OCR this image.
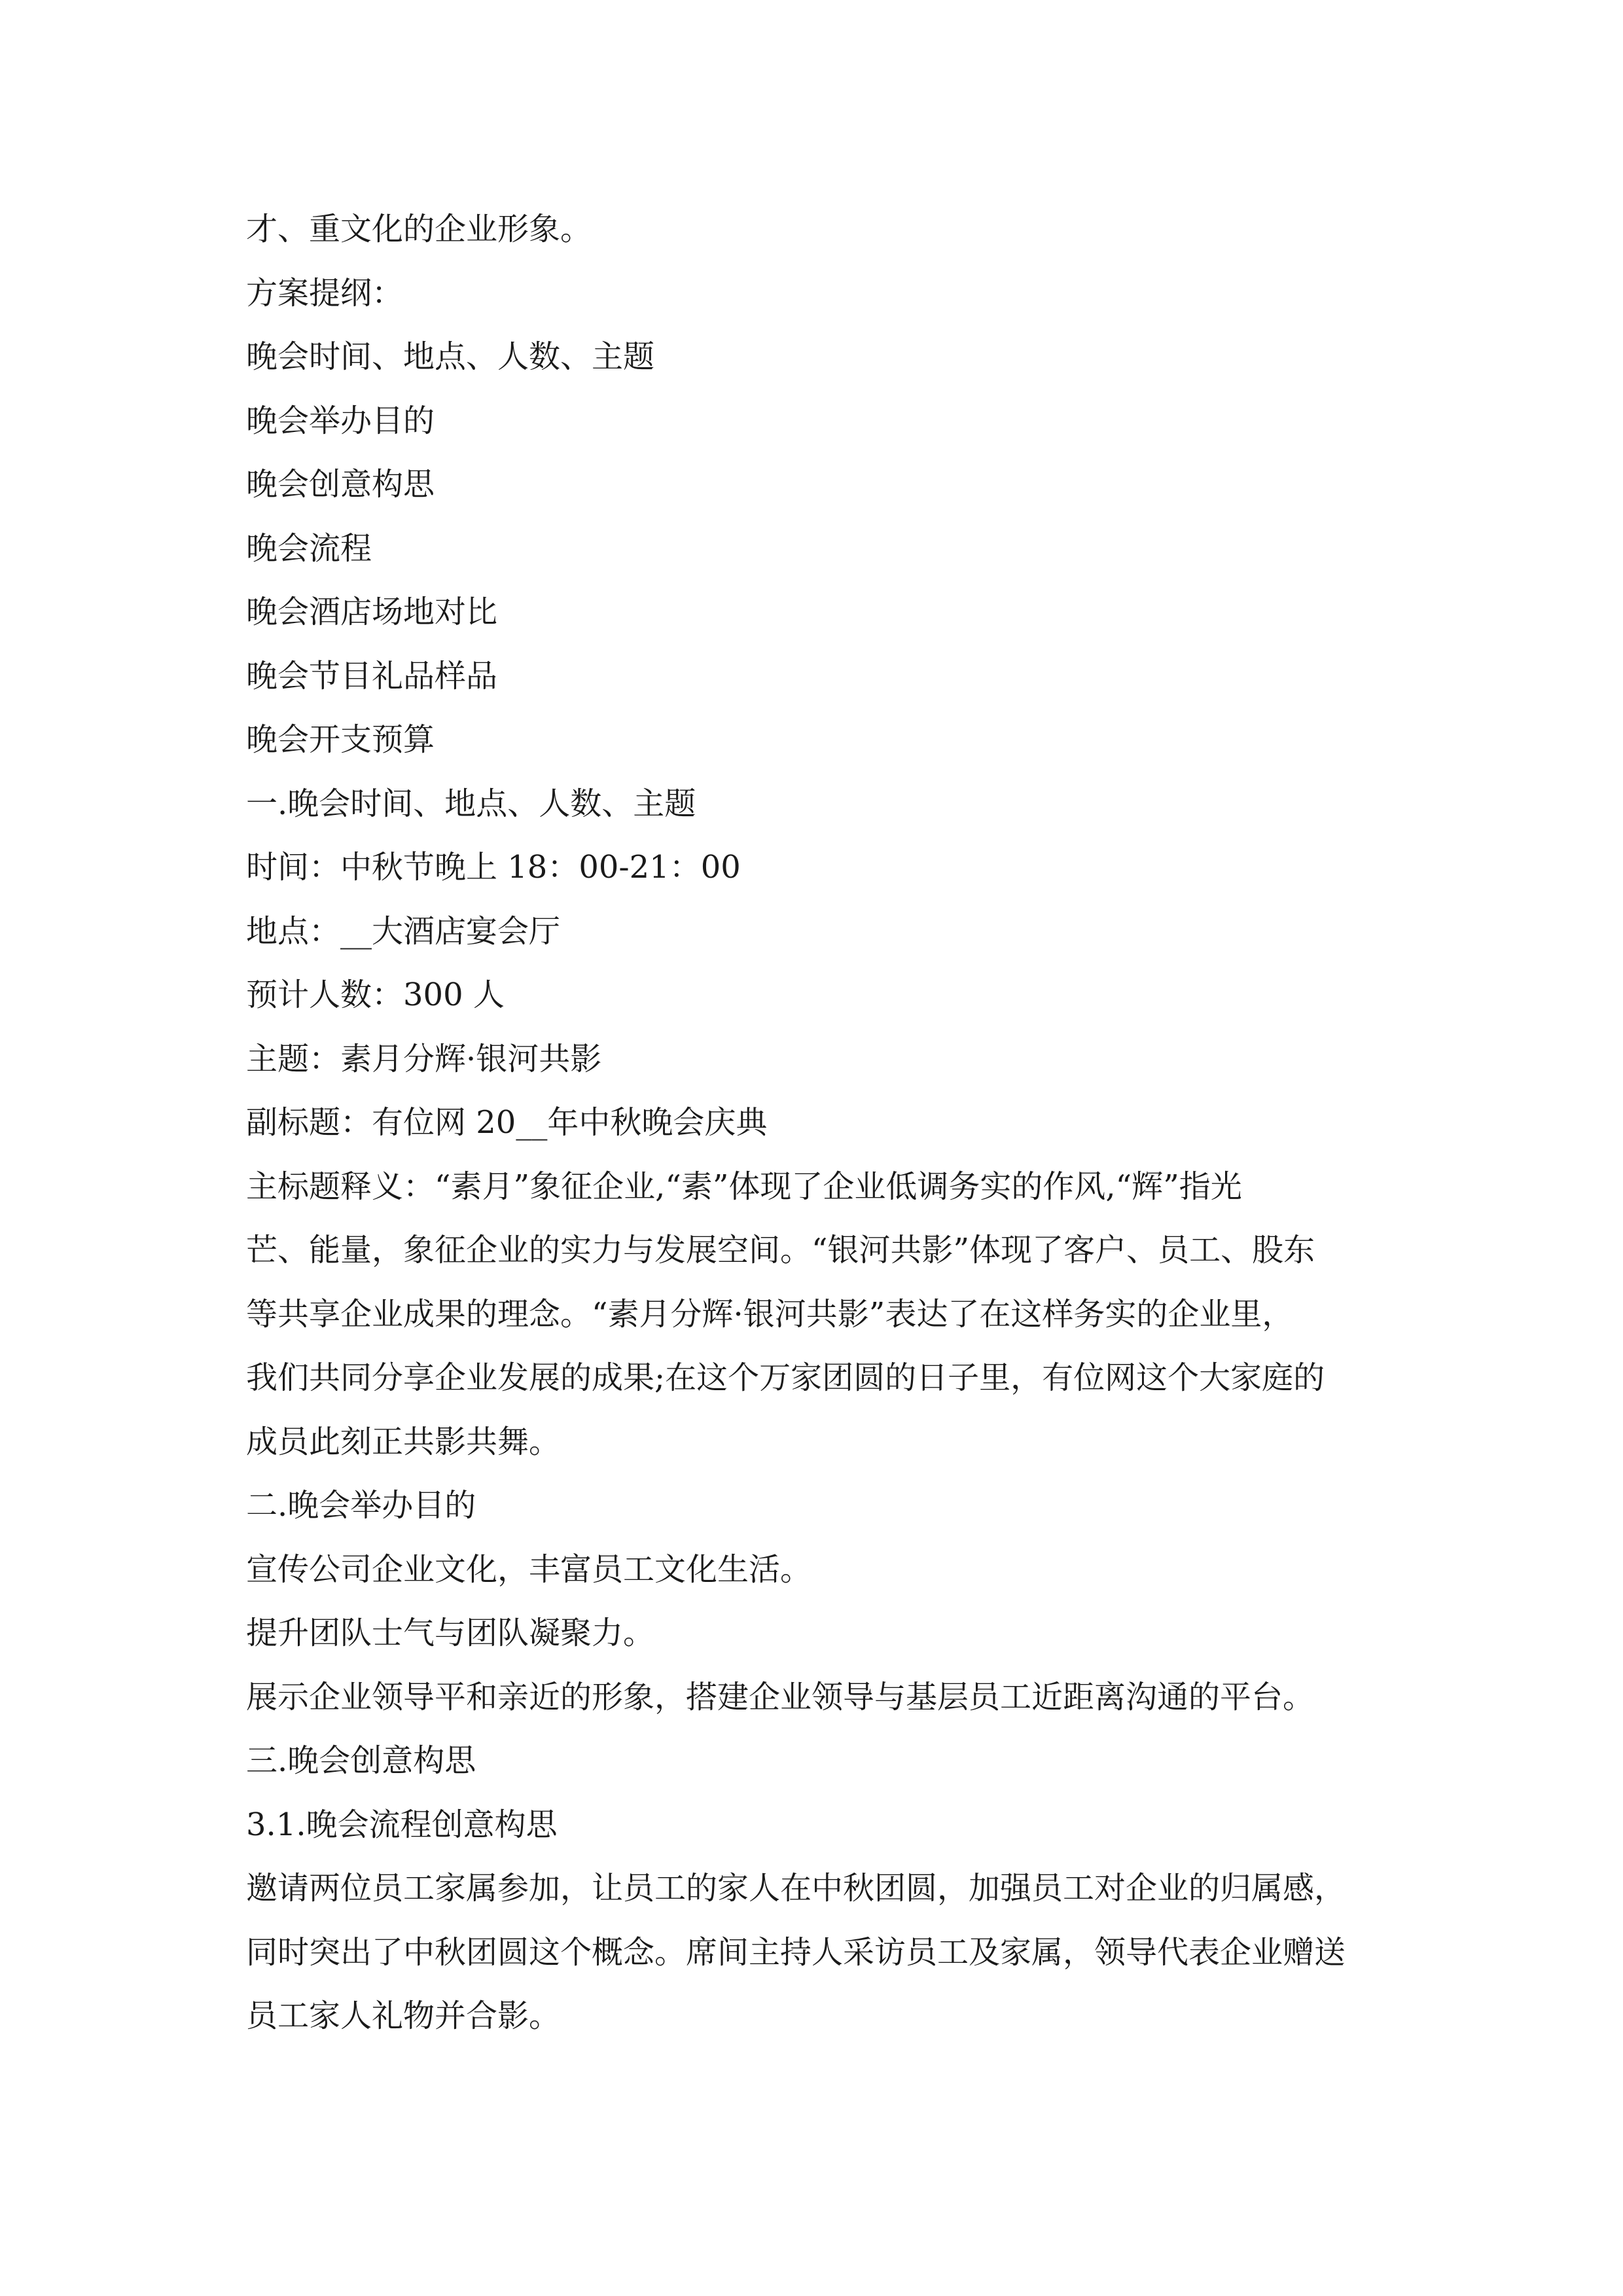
才、重文化的企业形象。

方案提纲：

晚会时间、地点、人数、主题

晚会举办目的

晚会创意构思

晚会流程

晚会酒店场地对比

晚会节目礼品样品

晚会开支预算

一.晚会时间、地点、人数、主题

时间：中秋节晚上 18：00-21：00

地点：__大酒店宴会厅

预计人数：300 人

主题：素月分辉·银河共影

副标题：有位网 20__年中秋晚会庆典

主标题释义：“素月”象征企业,“素”体现了企业低调务实的作风,“辉”指光

芒、能量，象征企业的实力与发展空间。“银河共影”体现了客户、员工、股东

等共享企业成果的理念。“素月分辉·银河共影”表达了在这样务实的企业里，

我们共同分享企业发展的成果;在这个万家团圆的日子里，有位网这个大家庭的

成员此刻正共影共舞。

二.晚会举办目的

宣传公司企业文化，丰富员工文化生活。

提升团队士气与团队凝聚力。

展示企业领导平和亲近的形象，搭建企业领导与基层员工近距离沟通的平台。

三.晚会创意构思

3.1.晚会流程创意构思

邀请两位员工家属参加，让员工的家人在中秋团圆，加强员工对企业的归属感，

同时突出了中秋团圆这个概念。席间主持人采访员工及家属，领导代表企业赠送

员工家人礼物并合影。
